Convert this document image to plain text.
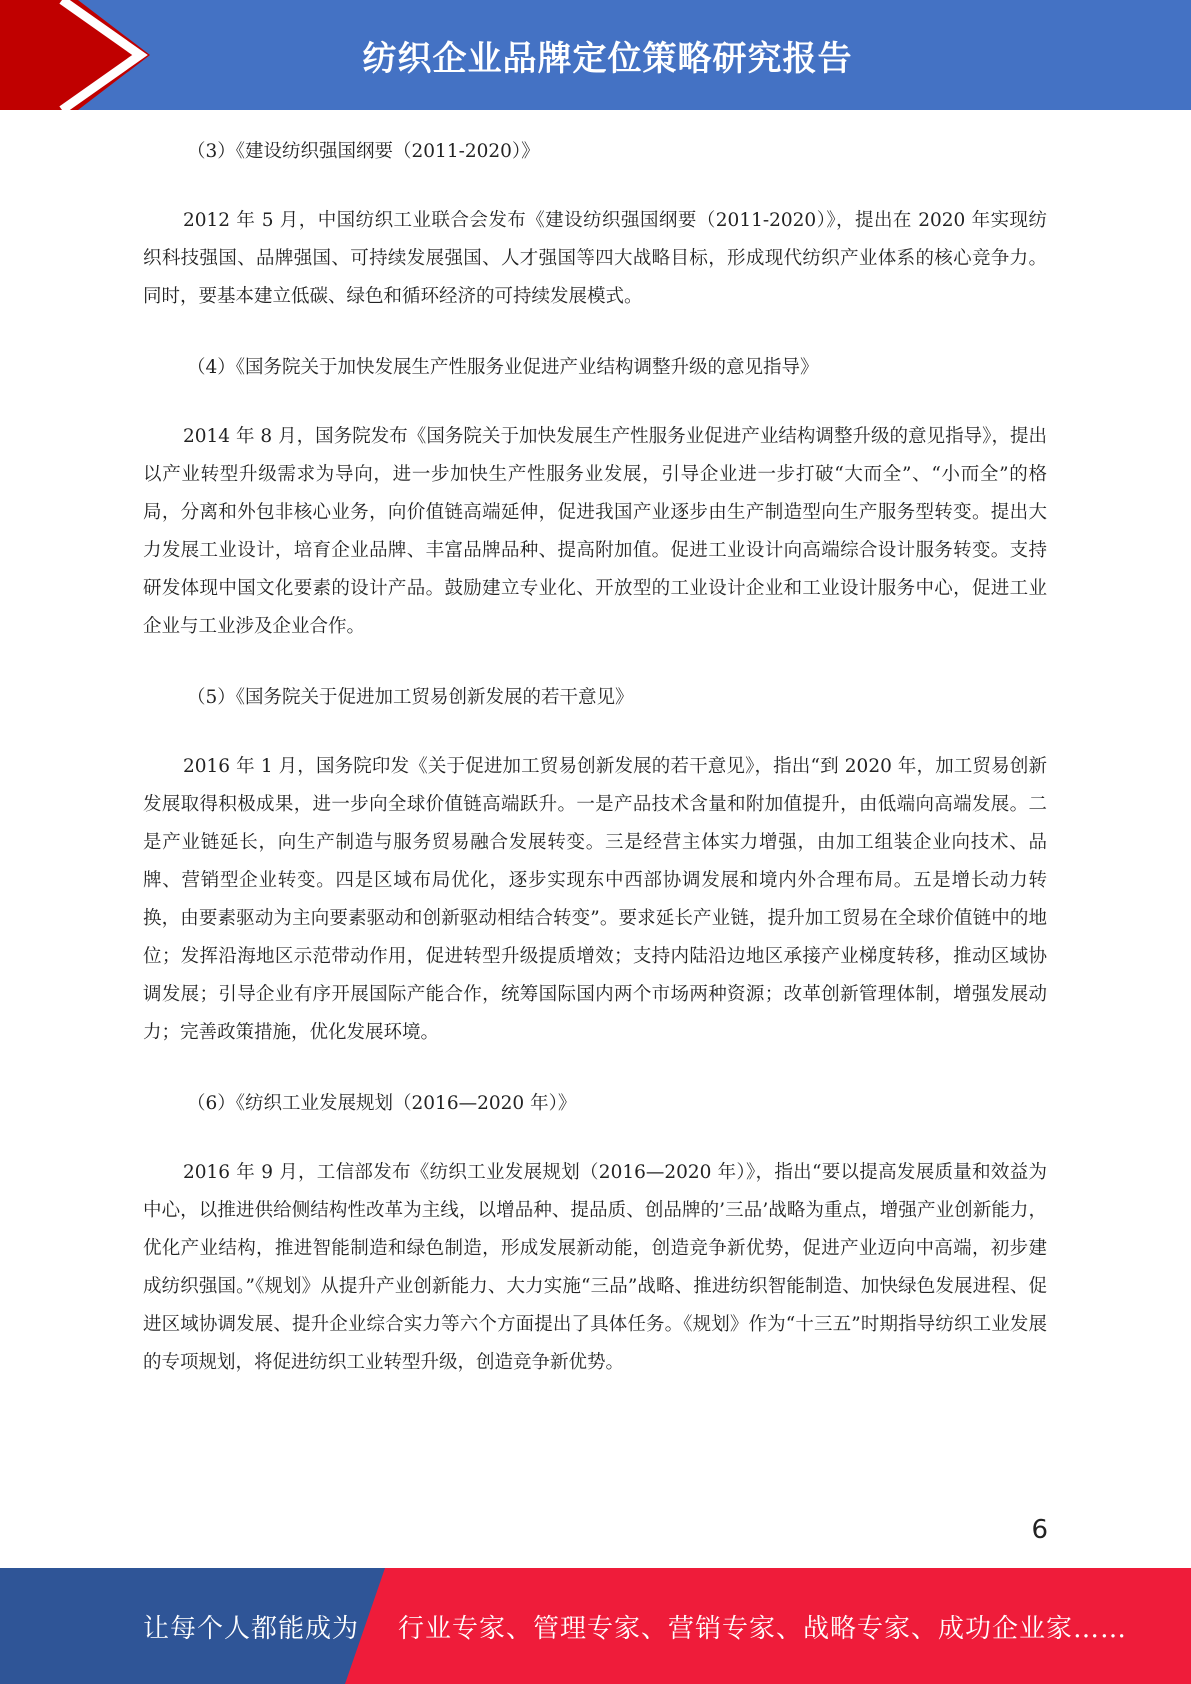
纺织企业品牌定位策略研究报告

（3）《建设纺织强国纲要（2011-2020）》

2012 年 5 月，中国纺织工业联合会发布《建设纺织强国纲要（2011-2020）》，提出在 2020 年实现纺织科技强国、品牌强国、可持续发展强国、人才强国等四大战略目标，形成现代纺织产业体系的核心竞争力。同时，要基本建立低碳、绿色和循环经济的可持续发展模式。

（4）《国务院关于加快发展生产性服务业促进产业结构调整升级的意见指导》

2014 年 8 月，国务院发布《国务院关于加快发展生产性服务业促进产业结构调整升级的意见指导》，提出以产业转型升级需求为导向，进一步加快生产性服务业发展，引导企业进一步打破“大而全”、“小而全”的格局，分离和外包非核心业务，向价值链高端延伸，促进我国产业逐步由生产制造型向生产服务型转变。提出大力发展工业设计，培育企业品牌、丰富品牌品种、提高附加值。促进工业设计向高端综合设计服务转变。支持研发体现中国文化要素的设计产品。鼓励建立专业化、开放型的工业设计企业和工业设计服务中心，促进工业企业与工业涉及企业合作。

（5）《国务院关于促进加工贸易创新发展的若干意见》

2016 年 1 月，国务院印发《关于促进加工贸易创新发展的若干意见》，指出“到 2020 年，加工贸易创新发展取得积极成果，进一步向全球价值链高端跃升。一是产品技术含量和附加值提升，由低端向高端发展。二是产业链延长，向生产制造与服务贸易融合发展转变。三是经营主体实力增强，由加工组装企业向技术、品牌、营销型企业转变。四是区域布局优化，逐步实现东中西部协调发展和境内外合理布局。五是增长动力转换，由要素驱动为主向要素驱动和创新驱动相结合转变”。要求延长产业链，提升加工贸易在全球价值链中的地位；发挥沿海地区示范带动作用，促进转型升级提质增效；支持内陆沿边地区承接产业梯度转移，推动区域协调发展；引导企业有序开展国际产能合作，统筹国际国内两个市场两种资源；改革创新管理体制，增强发展动力；完善政策措施，优化发展环境。

（6）《纺织工业发展规划（2016—2020 年）》

2016 年 9 月，工信部发布《纺织工业发展规划（2016—2020 年）》，指出“要以提高发展质量和效益为中心，以推进供给侧结构性改革为主线，以增品种、提品质、创品牌的’三品’战略为重点，增强产业创新能力，优化产业结构，推进智能制造和绿色制造，形成发展新动能，创造竞争新优势，促进产业迈向中高端，初步建成纺织强国。”《规划》从提升产业创新能力、大力实施“三品”战略、推进纺织智能制造、加快绿色发展进程、促进区域协调发展、提升企业综合实力等六个方面提出了具体任务。《规划》作为“十三五”时期指导纺织工业发展的专项规划，将促进纺织工业转型升级，创造竞争新优势。

6
让每个人都能成为 行业专家、管理专家、营销专家、战略专家、成功企业家……
